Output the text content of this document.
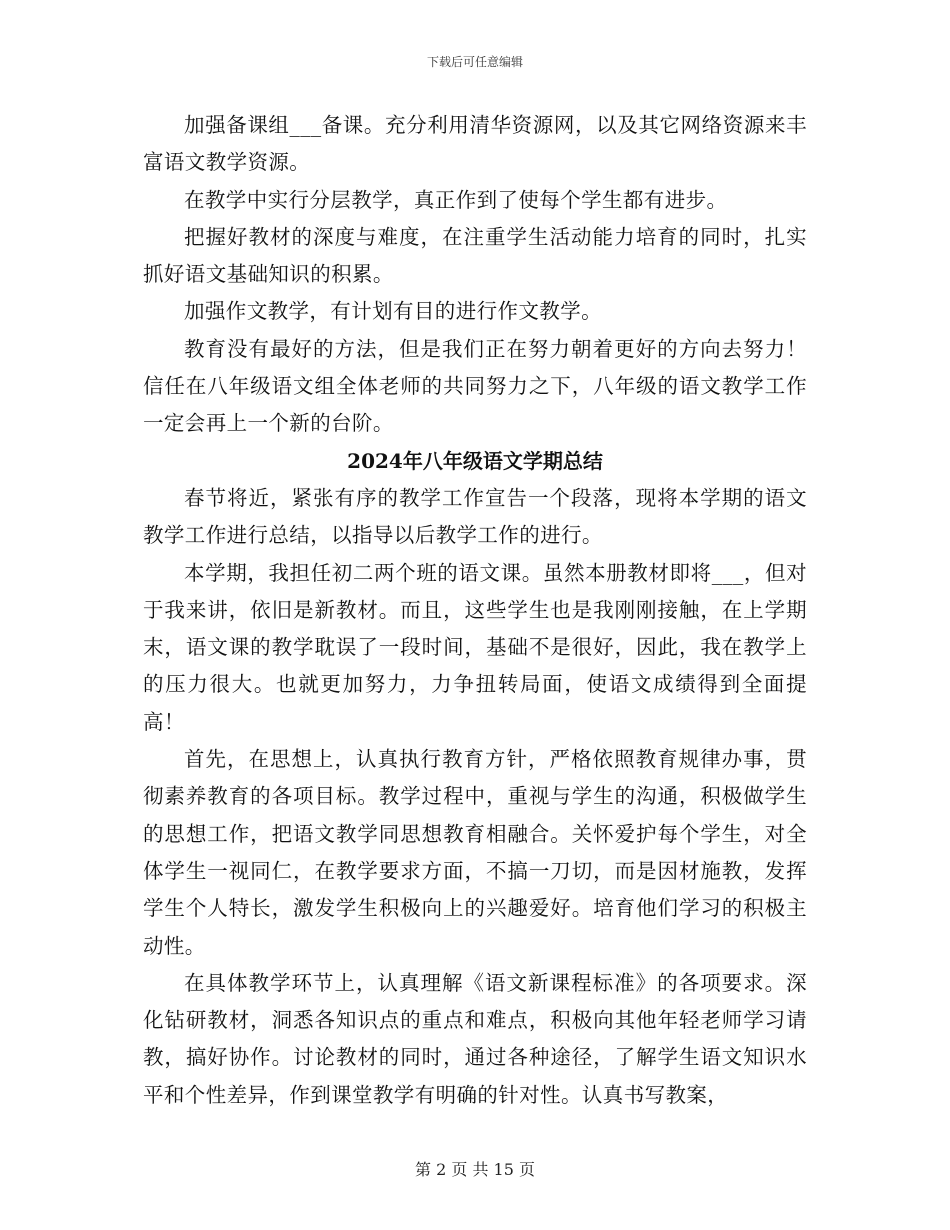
下载后可任意编辑

加强备课组___备课。充分利用清华资源网，以及其它网络资源来丰富语文教学资源。

在教学中实行分层教学，真正作到了使每个学生都有进步。

把握好教材的深度与难度，在注重学生活动能力培育的同时，扎实抓好语文基础知识的积累。

加强作文教学，有计划有目的进行作文教学。

教育没有最好的方法，但是我们正在努力朝着更好的方向去努力！信任在八年级语文组全体老师的共同努力之下，八年级的语文教学工作一定会再上一个新的台阶。

2024年八年级语文学期总结

春节将近，紧张有序的教学工作宣告一个段落，现将本学期的语文教学工作进行总结，以指导以后教学工作的进行。

本学期，我担任初二两个班的语文课。虽然本册教材即将___，但对于我来讲，依旧是新教材。而且，这些学生也是我刚刚接触，在上学期末，语文课的教学耽误了一段时间，基础不是很好，因此，我在教学上的压力很大。也就更加努力，力争扭转局面，使语文成绩得到全面提高！

首先，在思想上，认真执行教育方针，严格依照教育规律办事，贯彻素养教育的各项目标。教学过程中，重视与学生的沟通，积极做学生的思想工作，把语文教学同思想教育相融合。关怀爱护每个学生，对全体学生一视同仁，在教学要求方面，不搞一刀切，而是因材施教，发挥学生个人特长，激发学生积极向上的兴趣爱好。培育他们学习的积极主动性。

在具体教学环节上，认真理解《语文新课程标准》的各项要求。深化钻研教材，洞悉各知识点的重点和难点，积极向其他年轻老师学习请教，搞好协作。讨论教材的同时，通过各种途径，了解学生语文知识水平和个性差异，作到课堂教学有明确的针对性。认真书写教案，

第 2 页 共 15 页
